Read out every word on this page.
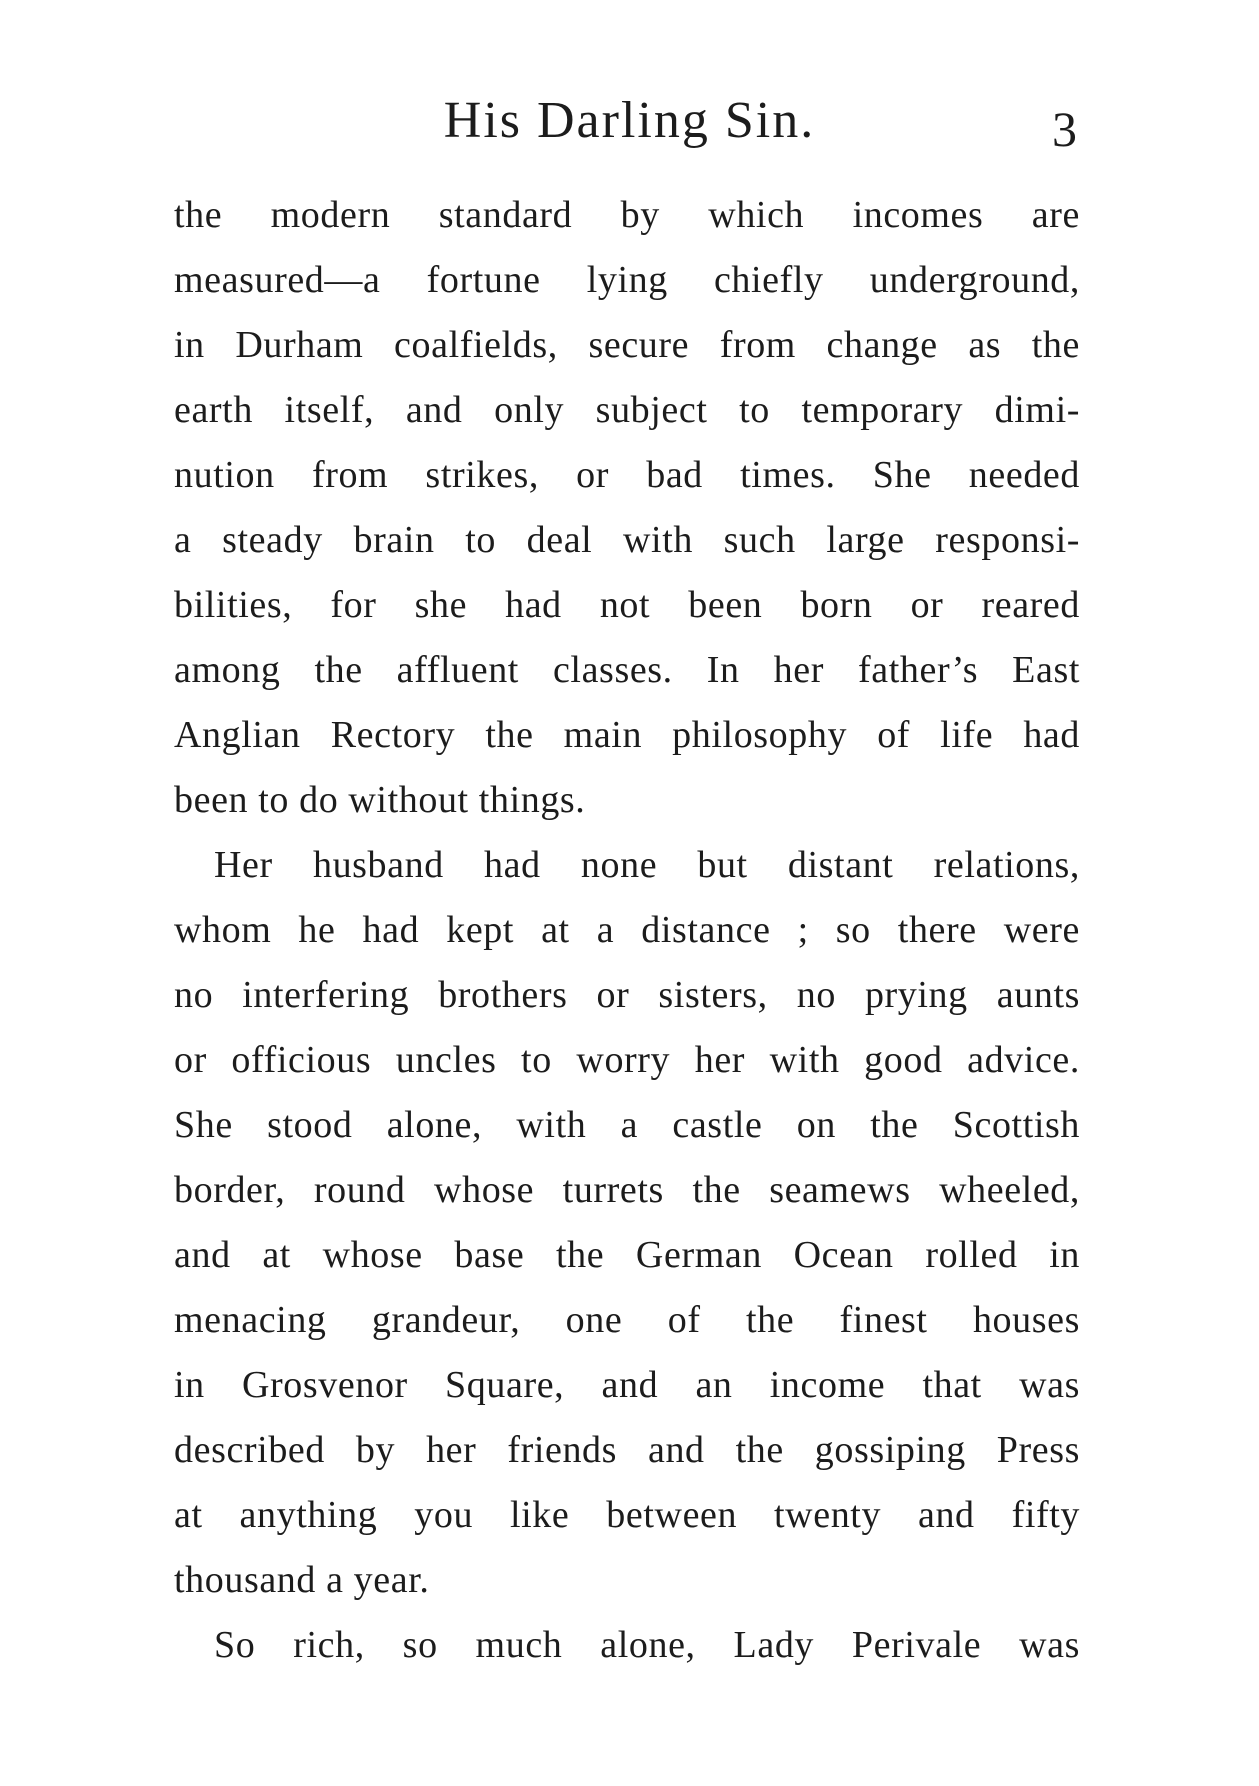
His Darling Sin.	3
the modern standard by which incomes are
measured—a fortune lying chiefly underground,
in Durham coalfields, secure from change as the
earth itself, and only subject to temporary dimi-
nution from strikes, or bad times. She needed
a steady brain to deal with such large responsi-
bilities, for she had not been born or reared
among the affluent classes. In her father’s East
Anglian Rectory the main philosophy of life had
been to do without things.
Her husband had none but distant relations,
whom he had kept at a distance ; so there were
no interfering brothers or sisters, no prying aunts
or officious uncles to worry her with good advice.
She stood alone, with a castle on the Scottish
border, round whose turrets the seamews wheeled,
and at whose base the German Ocean rolled in
menacing grandeur, one of the finest houses
in Grosvenor Square, and an income that was
described by her friends and the gossiping Press
at anything you like between twenty and fifty
thousand a year.
So rich, so much alone, Lady Perivale was
